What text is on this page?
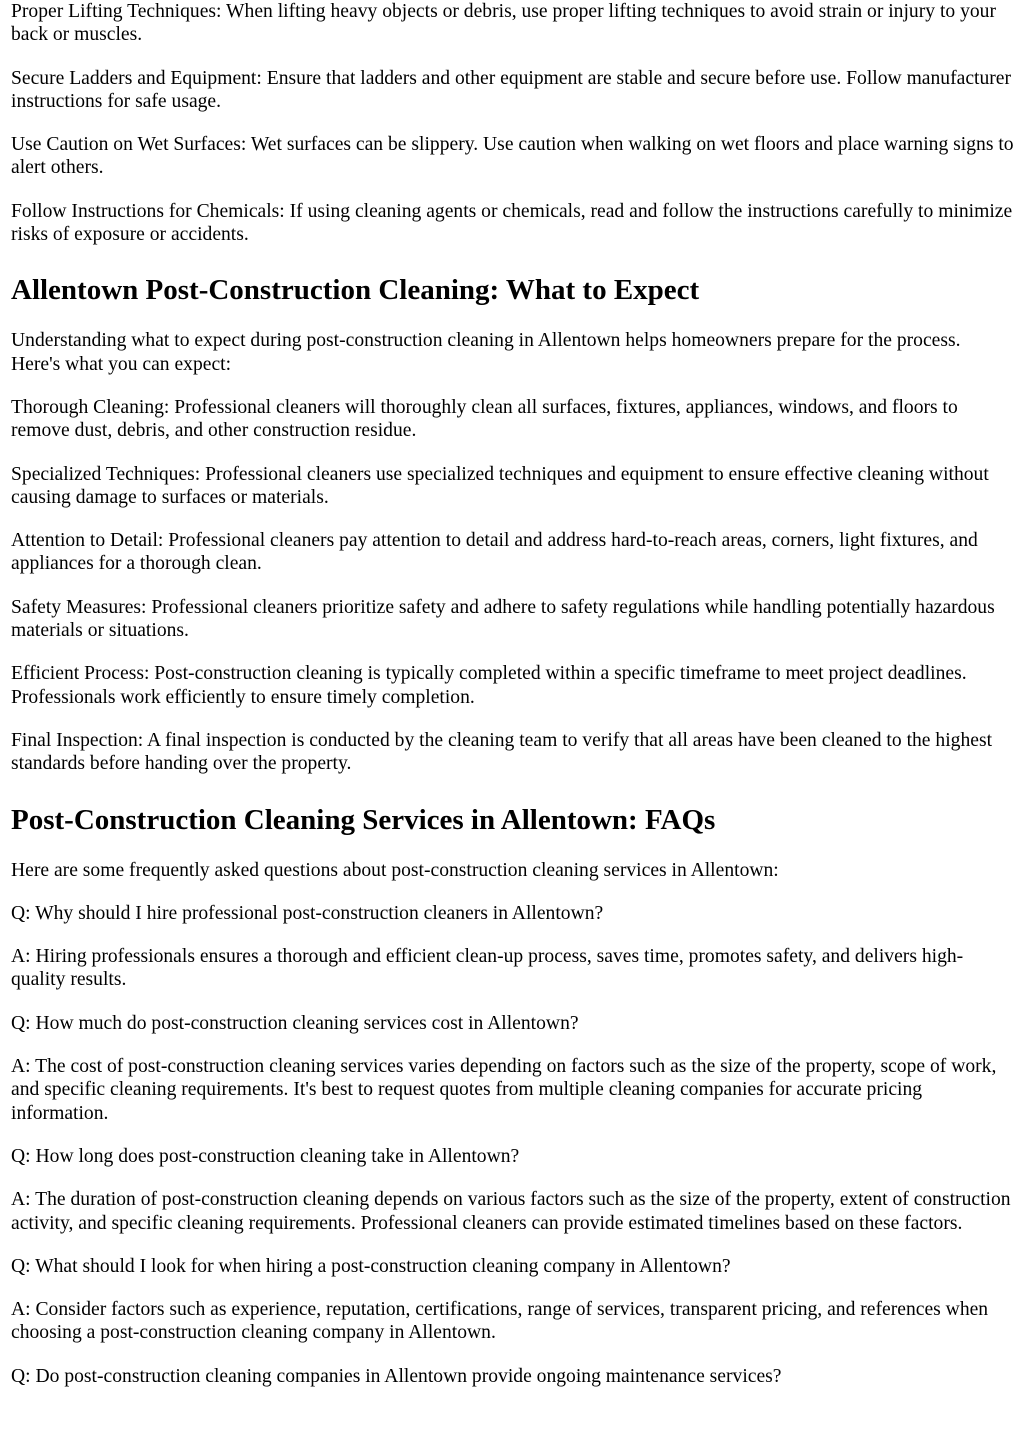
Proper Lifting Techniques: When lifting heavy objects or debris, use proper lifting techniques to avoid strain or injury to your back or muscles.

Secure Ladders and Equipment: Ensure that ladders and other equipment are stable and secure before use. Follow manufacturer instructions for safe usage.

Use Caution on Wet Surfaces: Wet surfaces can be slippery. Use caution when walking on wet floors and place warning signs to alert others.

Follow Instructions for Chemicals: If using cleaning agents or chemicals, read and follow the instructions carefully to minimize risks of exposure or accidents.

Allentown Post-Construction Cleaning: What to Expect

Understanding what to expect during post-construction cleaning in Allentown helps homeowners prepare for the process. Here's what you can expect:

Thorough Cleaning: Professional cleaners will thoroughly clean all surfaces, fixtures, appliances, windows, and floors to remove dust, debris, and other construction residue.

Specialized Techniques: Professional cleaners use specialized techniques and equipment to ensure effective cleaning without causing damage to surfaces or materials.

Attention to Detail: Professional cleaners pay attention to detail and address hard-to-reach areas, corners, light fixtures, and appliances for a thorough clean.

Safety Measures: Professional cleaners prioritize safety and adhere to safety regulations while handling potentially hazardous materials or situations.

Efficient Process: Post-construction cleaning is typically completed within a specific timeframe to meet project deadlines. Professionals work efficiently to ensure timely completion.

Final Inspection: A final inspection is conducted by the cleaning team to verify that all areas have been cleaned to the highest standards before handing over the property.

Post-Construction Cleaning Services in Allentown: FAQs

Here are some frequently asked questions about post-construction cleaning services in Allentown:

Q: Why should I hire professional post-construction cleaners in Allentown?

A: Hiring professionals ensures a thorough and efficient clean-up process, saves time, promotes safety, and delivers high-quality results.

Q: How much do post-construction cleaning services cost in Allentown?

A: The cost of post-construction cleaning services varies depending on factors such as the size of the property, scope of work, and specific cleaning requirements. It's best to request quotes from multiple cleaning companies for accurate pricing information.

Q: How long does post-construction cleaning take in Allentown?

A: The duration of post-construction cleaning depends on various factors such as the size of the property, extent of construction activity, and specific cleaning requirements. Professional cleaners can provide estimated timelines based on these factors.

Q: What should I look for when hiring a post-construction cleaning company in Allentown?

A: Consider factors such as experience, reputation, certifications, range of services, transparent pricing, and references when choosing a post-construction cleaning company in Allentown.

Q: Do post-construction cleaning companies in Allentown provide ongoing maintenance services?
